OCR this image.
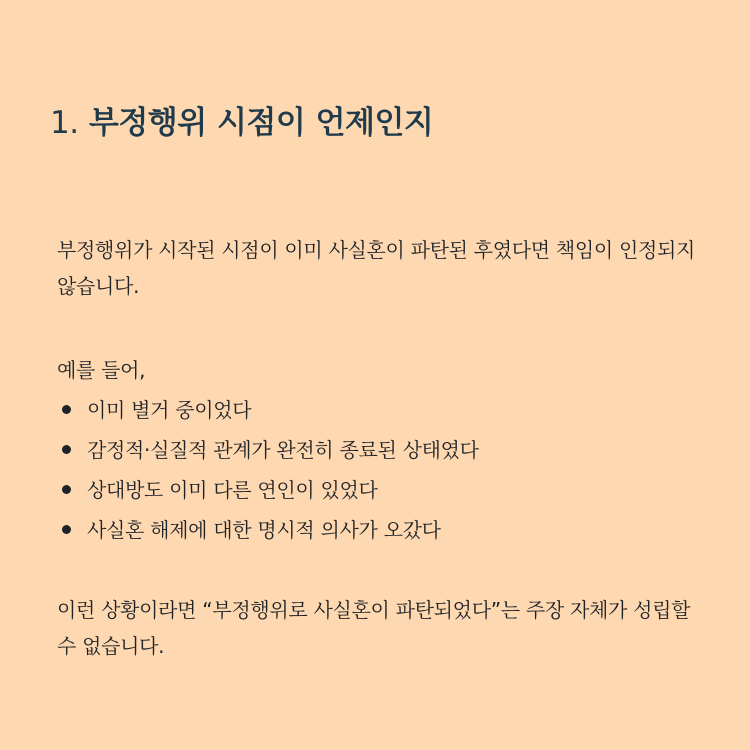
1. 부정행위 시점이 언제인지

부정행위가 시작된 시점이 이미 사실혼이 파탄된 후였다면 책임이 인정되지 않습니다.

예를 들어,

이미 별거 중이었다
감정적·실질적 관계가 완전히 종료된 상태였다
상대방도 이미 다른 연인이 있었다
사실혼 해제에 대한 명시적 의사가 오갔다

이런 상황이라면 “부정행위로 사실혼이 파탄되었다”는 주장 자체가 성립할 수 없습니다.
